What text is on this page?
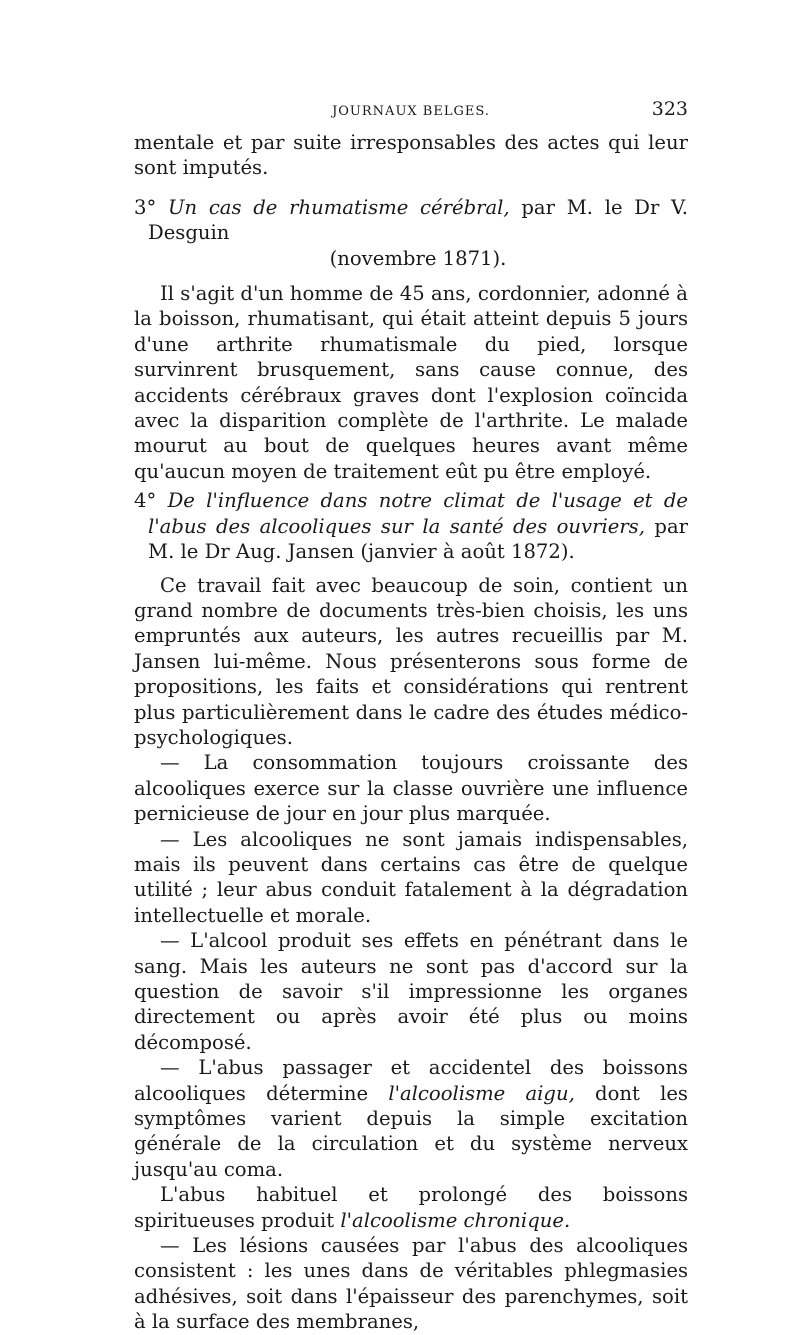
JOURNAUX BELGES.	323

mentale et par suite irresponsables des actes qui leur sont imputés.

3° Un cas de rhumatisme cérébral, par M. le Dr V. Desguin
(novembre 1871).

Il s'agit d'un homme de 45 ans, cordonnier, adonné à la boisson, rhumatisant, qui était atteint depuis 5 jours d'une arthrite rhumatismale du pied, lorsque survinrent brusquement, sans cause connue, des accidents cérébraux graves dont l'explosion coïncida avec la disparition complète de l'arthrite. Le malade mourut au bout de quelques heures avant même qu'aucun moyen de traitement eût pu être employé.

4° De l'influence dans notre climat de l'usage et de l'abus des alcooliques sur la santé des ouvriers, par M. le Dr Aug. Jansen (janvier à août 1872).

Ce travail fait avec beaucoup de soin, contient un grand nombre de documents très-bien choisis, les uns empruntés aux auteurs, les autres recueillis par M. Jansen lui-même. Nous présenterons sous forme de propositions, les faits et considérations qui rentrent plus particulièrement dans le cadre des études médico-psychologiques.

— La consommation toujours croissante des alcooliques exerce sur la classe ouvrière une influence pernicieuse de jour en jour plus marquée.

— Les alcooliques ne sont jamais indispensables, mais ils peuvent dans certains cas être de quelque utilité ; leur abus conduit fatalement à la dégradation intellectuelle et morale.

— L'alcool produit ses effets en pénétrant dans le sang. Mais les auteurs ne sont pas d'accord sur la question de savoir s'il impressionne les organes directement ou après avoir été plus ou moins décomposé.

— L'abus passager et accidentel des boissons alcooliques détermine l'alcoolisme aigu, dont les symptômes varient depuis la simple excitation générale de la circulation et du système nerveux jusqu'au coma.

L'abus habituel et prolongé des boissons spiritueuses produit l'alcoolisme chronique.

— Les lésions causées par l'abus des alcooliques consistent : les unes dans de véritables phlegmasies adhésives, soit dans l'épaisseur des parenchymes, soit à la surface des membranes,
